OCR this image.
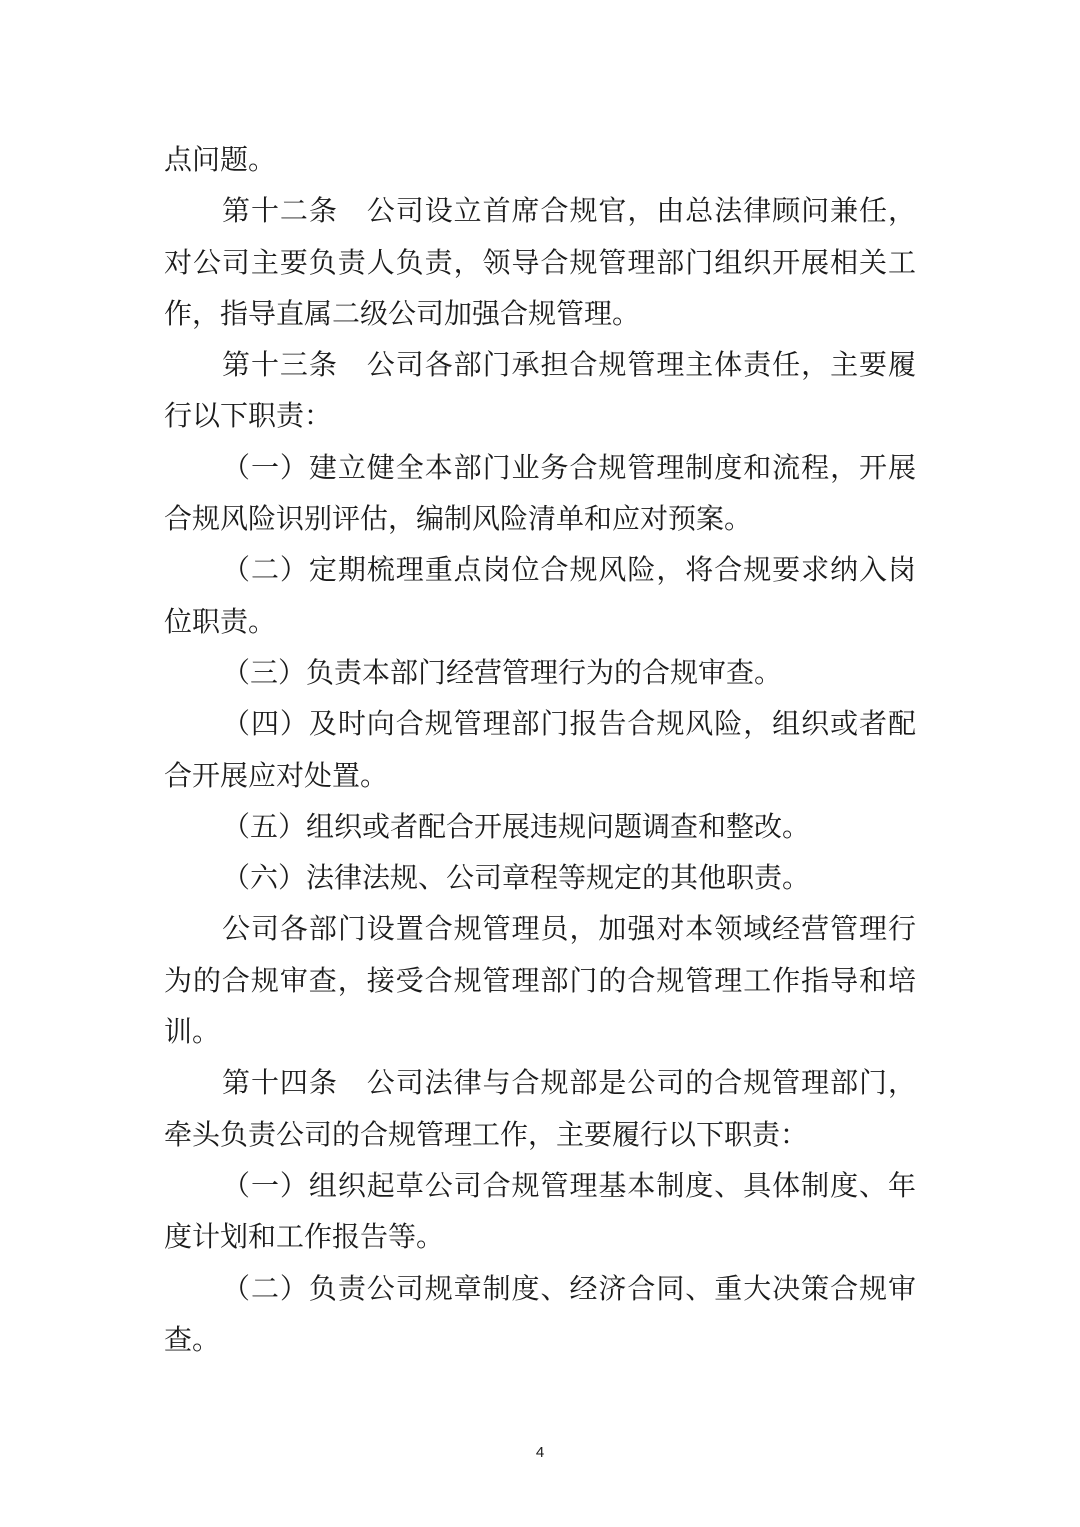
点问题。
第十二条　公司设立首席合规官，由总法律顾问兼任，
对公司主要负责人负责，领导合规管理部门组织开展相关工
作，指导直属二级公司加强合规管理。
第十三条　公司各部门承担合规管理主体责任，主要履
行以下职责：
（一）建立健全本部门业务合规管理制度和流程，开展
合规风险识别评估，编制风险清单和应对预案。
（二）定期梳理重点岗位合规风险，将合规要求纳入岗
位职责。
（三）负责本部门经营管理行为的合规审查。
（四）及时向合规管理部门报告合规风险，组织或者配
合开展应对处置。
（五）组织或者配合开展违规问题调查和整改。
（六）法律法规、公司章程等规定的其他职责。
公司各部门设置合规管理员，加强对本领域经营管理行
为的合规审查，接受合规管理部门的合规管理工作指导和培
训。
第十四条　公司法律与合规部是公司的合规管理部门，
牵头负责公司的合规管理工作，主要履行以下职责：
（一）组织起草公司合规管理基本制度、具体制度、年
度计划和工作报告等。
（二）负责公司规章制度、经济合同、重大决策合规审
查。
4
